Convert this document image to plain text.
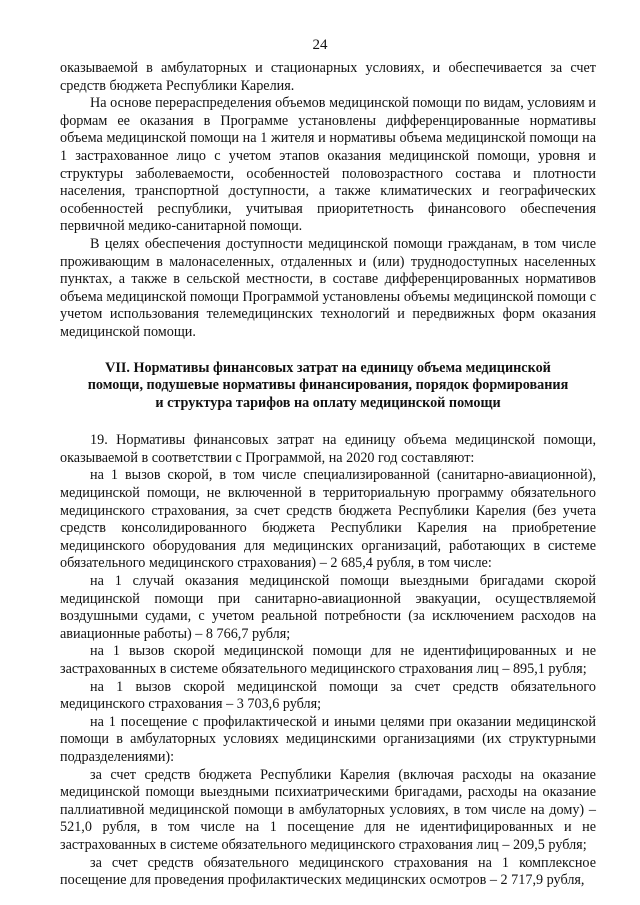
24

оказываемой в амбулаторных и стационарных условиях, и обеспечивается за счет средств бюджета Республики Карелия.

На основе перераспределения объемов медицинской помощи по видам, условиям и формам ее оказания в Программе установлены дифференцированные нормативы объема медицинской помощи на 1 жителя и нормативы объема медицинской помощи на 1 застрахованное лицо с учетом этапов оказания медицинской помощи, уровня и структуры заболеваемости, особенностей половозрастного состава и плотности населения, транспортной доступности, а также климатических и географических особенностей республики, учитывая приоритетность финансового обеспечения первичной медико-санитарной помощи.

В целях обеспечения доступности медицинской помощи гражданам, в том числе проживающим в малонаселенных, отдаленных и (или) труднодоступных населенных пунктах, а также в сельской местности, в составе дифференцированных нормативов объема медицинской помощи Программой установлены объемы медицинской помощи с учетом использования телемедицинских технологий и передвижных форм оказания медицинской помощи.

VII. Нормативы финансовых затрат на единицу объема медицинской
помощи, подушевые нормативы финансирования, порядок формирования
и структура тарифов на оплату медицинской помощи

19. Нормативы финансовых затрат на единицу объема медицинской помощи, оказываемой в соответствии с Программой, на 2020 год составляют:

на 1 вызов скорой, в том числе специализированной (санитарно-авиационной), медицинской помощи, не включенной в территориальную программу обязательного медицинского страхования, за счет средств бюджета Республики Карелия (без учета средств консолидированного бюджета Республики Карелия на приобретение медицинского оборудования для медицинских организаций, работающих в системе обязательного медицинского страхования) – 2 685,4 рубля, в том числе:

на 1 случай оказания медицинской помощи выездными бригадами скорой медицинской помощи при санитарно-авиационной эвакуации, осуществляемой воздушными судами, с учетом реальной потребности (за исключением расходов на авиационные работы) – 8 766,7 рубля;

на 1 вызов скорой медицинской помощи для не идентифицированных и не застрахованных в системе обязательного медицинского страхования лиц – 895,1 рубля;

на 1 вызов скорой медицинской помощи за счет средств обязательного медицинского страхования – 3 703,6 рубля;

на 1 посещение с профилактической и иными целями при оказании медицинской помощи в амбулаторных условиях медицинскими организациями (их структурными подразделениями):

за счет средств бюджета Республики Карелия (включая расходы на оказание медицинской помощи выездными психиатрическими бригадами, расходы на оказание паллиативной медицинской помощи в амбулаторных условиях, в том числе на дому) – 521,0 рубля, в том числе на 1 посещение для не идентифицированных и не застрахованных в системе обязательного медицинского страхования лиц – 209,5 рубля;

за счет средств обязательного медицинского страхования на 1 комплексное посещение для проведения профилактических медицинских осмотров – 2 717,9 рубля,
